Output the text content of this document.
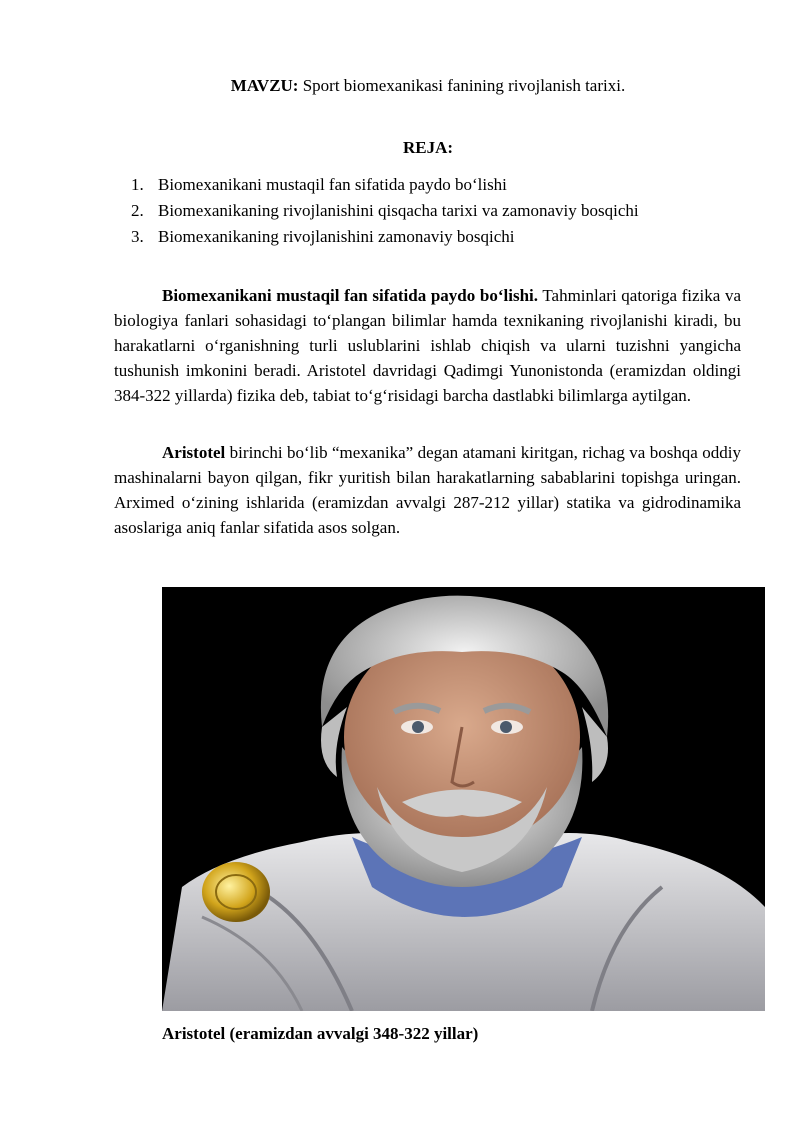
MAVZU: Sport biomexanikasi fanining rivojlanish tarixi.
REJA:
1. Biomexanikani mustaqil fan sifatida paydo bo‘lishi
2. Biomexanikaning rivojlanishini qisqacha tarixi va zamonaviy bosqichi
3. Biomexanikaning rivojlanishini zamonaviy bosqichi

Biomexanikani mustaqil fan sifatida paydo bo‘lishi. Tahminlari qatoriga fizika va biologiya fanlari sohasidagi to‘plangan bilimlar hamda texnikaning rivojlanishi kiradi, bu harakatlarni o‘rganishning turli uslublarini ishlab chiqish va ularni tuzishni yangicha tushunish imkonini beradi. Aristotel davridagi Qadimgi Yunonistonda (eramizdan oldingi 384-322 yillarda) fizika deb, tabiat to‘g‘risidagi barcha dastlabki bilimlarga aytilgan.

Aristotel birinchi bo‘lib “mexanika” degan atamani kiritgan, richag va boshqa oddiy mashinalarni bayon qilgan, fikr yuritish bilan harakatlarning sabablarini topishga uringan. Arximed o‘zining ishlarida (eramizdan avvalgi 287-212 yillar) statika va gidrodinamika asoslariga aniq fanlar sifatida asos solgan.

Aristotel (eramizdan avvalgi 348-322 yillar)
